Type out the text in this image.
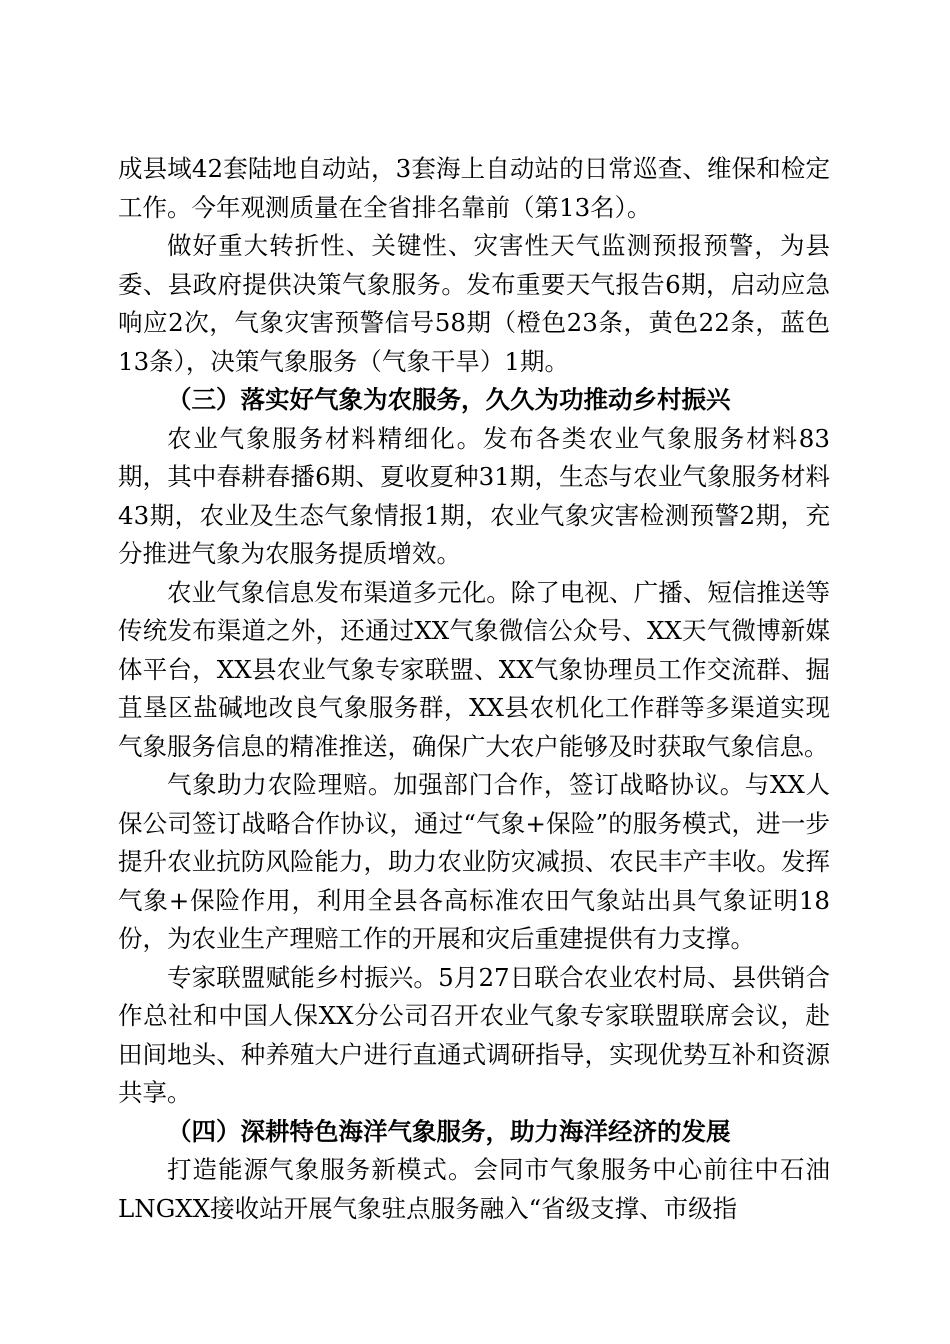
成县域42套陆地自动站，3套海上自动站的日常巡查、维保和检定工作。今年观测质量在全省排名靠前（第13名）。

做好重大转折性、关键性、灾害性天气监测预报预警，为县委、县政府提供决策气象服务。发布重要天气报告6期，启动应急响应2次，气象灾害预警信号58期（橙色23条，黄色22条，蓝色13条），决策气象服务（气象干旱）1期。

（三）落实好气象为农服务，久久为功推动乡村振兴

农业气象服务材料精细化。发布各类农业气象服务材料83期，其中春耕春播6期、夏收夏种31期，生态与农业气象服务材料43期，农业及生态气象情报1期，农业气象灾害检测预警2期，充分推进气象为农服务提质增效。

农业气象信息发布渠道多元化。除了电视、广播、短信推送等传统发布渠道之外，还通过XX气象微信公众号、XX天气微博新媒体平台，XX县农业气象专家联盟、XX气象协理员工作交流群、掘苴垦区盐碱地改良气象服务群，XX县农机化工作群等多渠道实现气象服务信息的精准推送，确保广大农户能够及时获取气象信息。

气象助力农险理赔。加强部门合作，签订战略协议。与XX人保公司签订战略合作协议，通过“气象+保险”的服务模式，进一步提升农业抗防风险能力，助力农业防灾减损、农民丰产丰收。发挥气象+保险作用，利用全县各高标准农田气象站出具气象证明18份，为农业生产理赔工作的开展和灾后重建提供有力支撑。

专家联盟赋能乡村振兴。5月27日联合农业农村局、县供销合作总社和中国人保XX分公司召开农业气象专家联盟联席会议，赴田间地头、种养殖大户进行直通式调研指导，实现优势互补和资源共享。

（四）深耕特色海洋气象服务，助力海洋经济的发展

打造能源气象服务新模式。会同市气象服务中心前往中石油LNGXX接收站开展气象驻点服务融入“省级支撑、市级指
